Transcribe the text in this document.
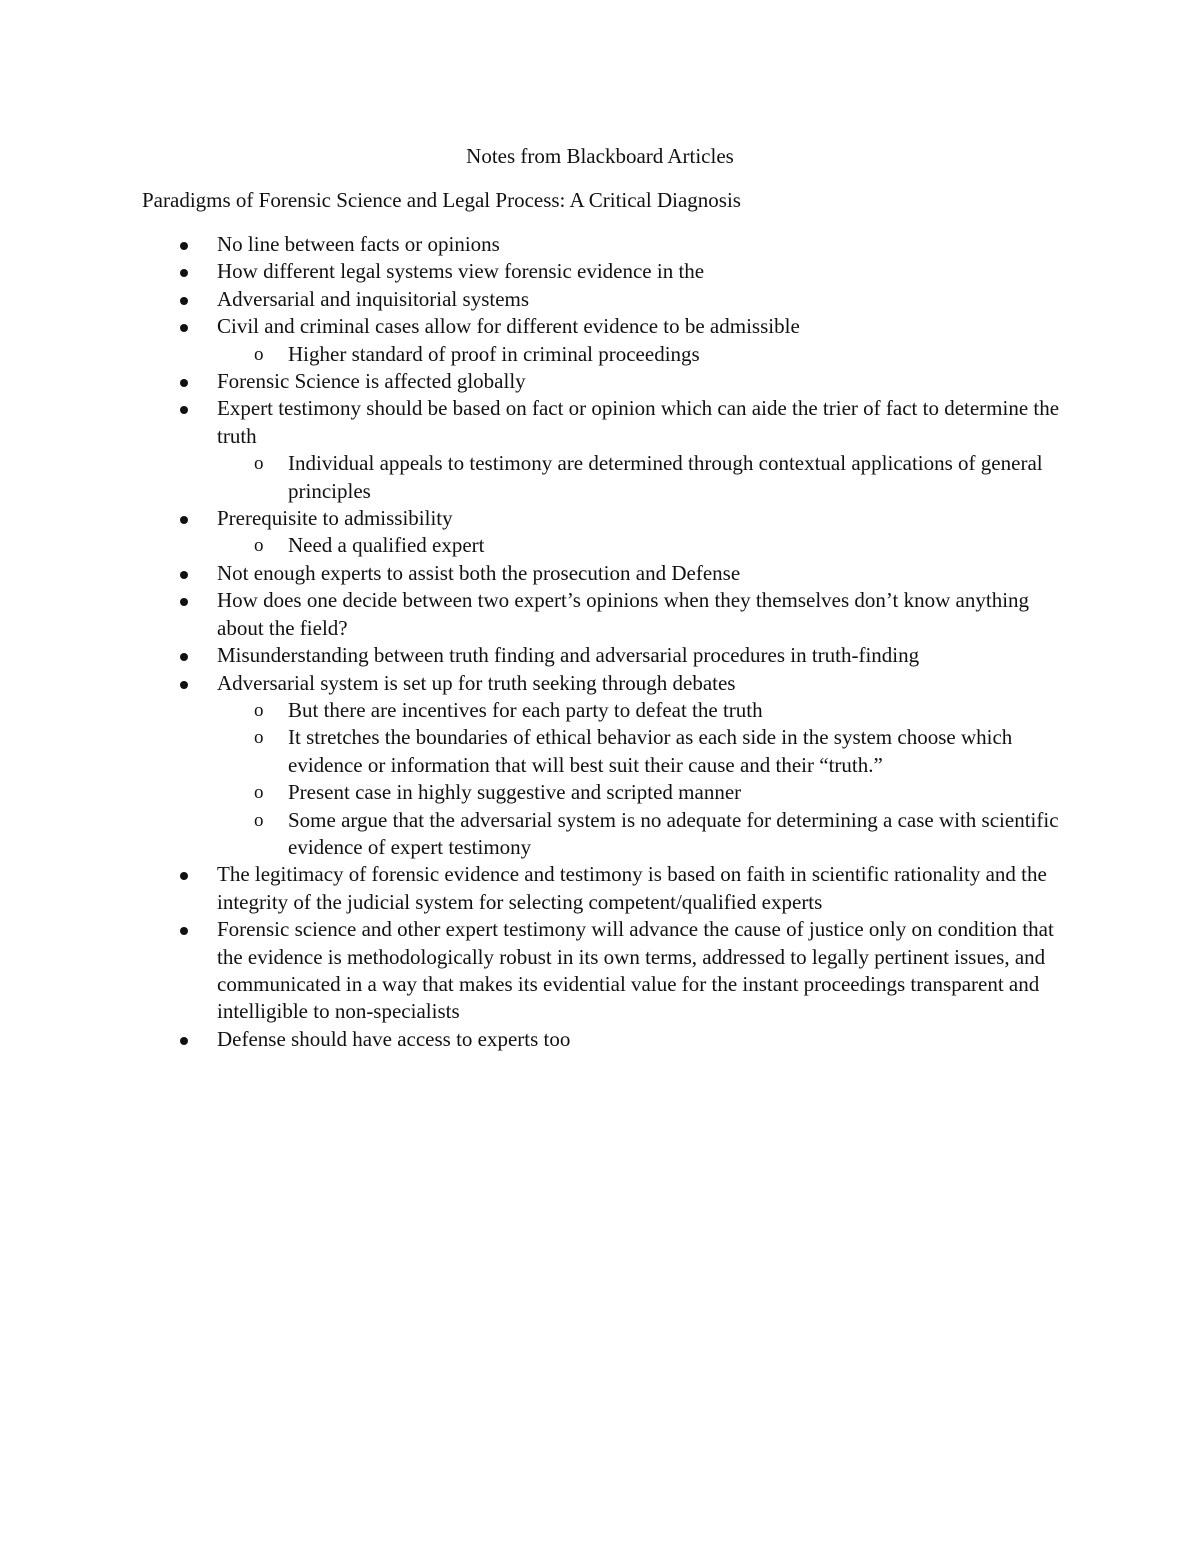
Notes from Blackboard Articles
Paradigms of Forensic Science and Legal Process: A Critical Diagnosis
No line between facts or opinions
How different legal systems view forensic evidence in the
Adversarial and inquisitorial systems
Civil and criminal cases allow for different evidence to be admissible
o Higher standard of proof in criminal proceedings
Forensic Science is affected globally
Expert testimony should be based on fact or opinion which can aide the trier of fact to determine the truth
o Individual appeals to testimony are determined through contextual applications of general principles
Prerequisite to admissibility
o Need a qualified expert
Not enough experts to assist both the prosecution and Defense
How does one decide between two expert’s opinions when they themselves don’t know anything about the field?
Misunderstanding between truth finding and adversarial procedures in truth-finding
Adversarial system is set up for truth seeking through debates
o But there are incentives for each party to defeat the truth
o It stretches the boundaries of ethical behavior as each side in the system choose which evidence or information that will best suit their cause and their “truth.”
o Present case in highly suggestive and scripted manner
o Some argue that the adversarial system is no adequate for determining a case with scientific evidence of expert testimony
The legitimacy of forensic evidence and testimony is based on faith in scientific rationality and the integrity of the judicial system for selecting competent/qualified experts
Forensic science and other expert testimony will advance the cause of justice only on condition that the evidence is methodologically robust in its own terms, addressed to legally pertinent issues, and communicated in a way that makes its evidential value for the instant proceedings transparent and intelligible to non-specialists
Defense should have access to experts too
